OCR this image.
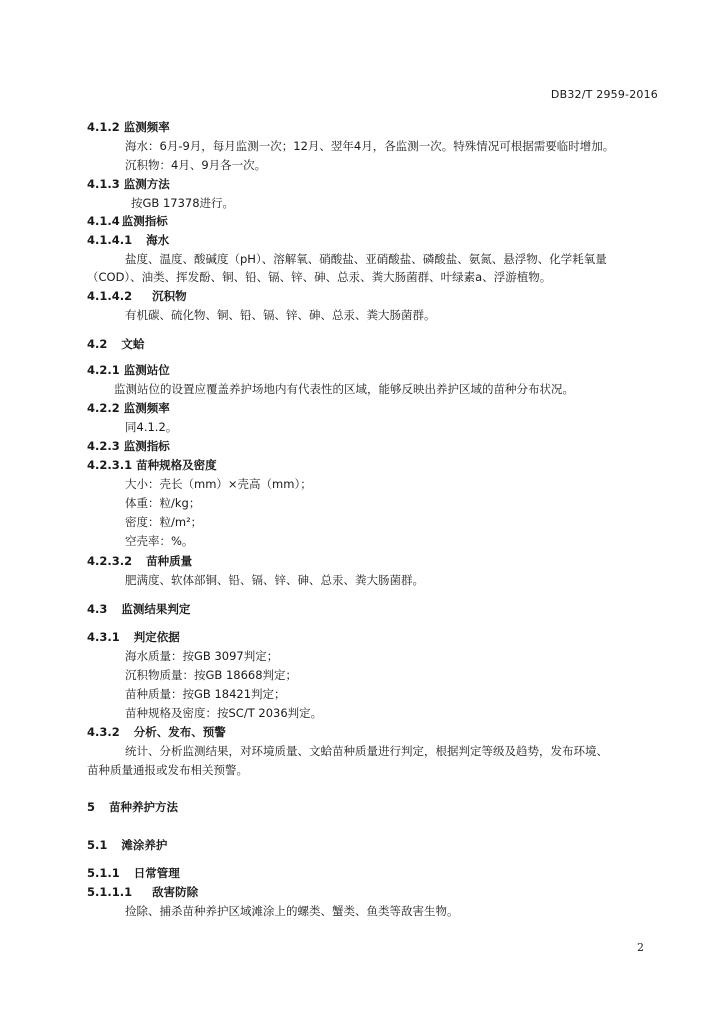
DB32/T 2959-2016
4.1.2 监测频率
海水：6月-9月，每月监测一次；12月、翌年4月，各监测一次。特殊情况可根据需要临时增加。
沉积物：4月、9月各一次。
4.1.3 监测方法
按GB 17378进行。
4.1.4 监测指标
4.1.4.1 海水
盐度、温度、酸碱度（pH）、溶解氧、硝酸盐、亚硝酸盐、磷酸盐、氨氮、悬浮物、化学耗氧量
（COD）、油类、挥发酚、铜、铅、镉、锌、砷、总汞、粪大肠菌群、叶绿素a、浮游植物。
4.1.4.2 沉积物
有机碳、硫化物、铜、铅、镉、锌、砷、总汞、粪大肠菌群。
4.2 文蛤
4.2.1 监测站位
监测站位的设置应覆盖养护场地内有代表性的区域，能够反映出养护区域的苗种分布状况。
4.2.2 监测频率
同4.1.2。
4.2.3 监测指标
4.2.3.1 苗种规格及密度
大小：壳长（mm）×壳高（mm）；
体重：粒/kg；
密度：粒/m²；
空壳率：%。
4.2.3.2 苗种质量
肥满度、软体部铜、铅、镉、锌、砷、总汞、粪大肠菌群。
4.3 监测结果判定
4.3.1 判定依据
海水质量：按GB 3097判定；
沉积物质量：按GB 18668判定；
苗种质量：按GB 18421判定；
苗种规格及密度：按SC/T 2036判定。
4.3.2 分析、发布、预警
统计、分析监测结果，对环境质量、文蛤苗种质量进行判定，根据判定等级及趋势，发布环境、
苗种质量通报或发布相关预警。
5 苗种养护方法
5.1 滩涂养护
5.1.1 日常管理
5.1.1.1 敌害防除
捡除、捕杀苗种养护区域滩涂上的螺类、蟹类、鱼类等敌害生物。
2
